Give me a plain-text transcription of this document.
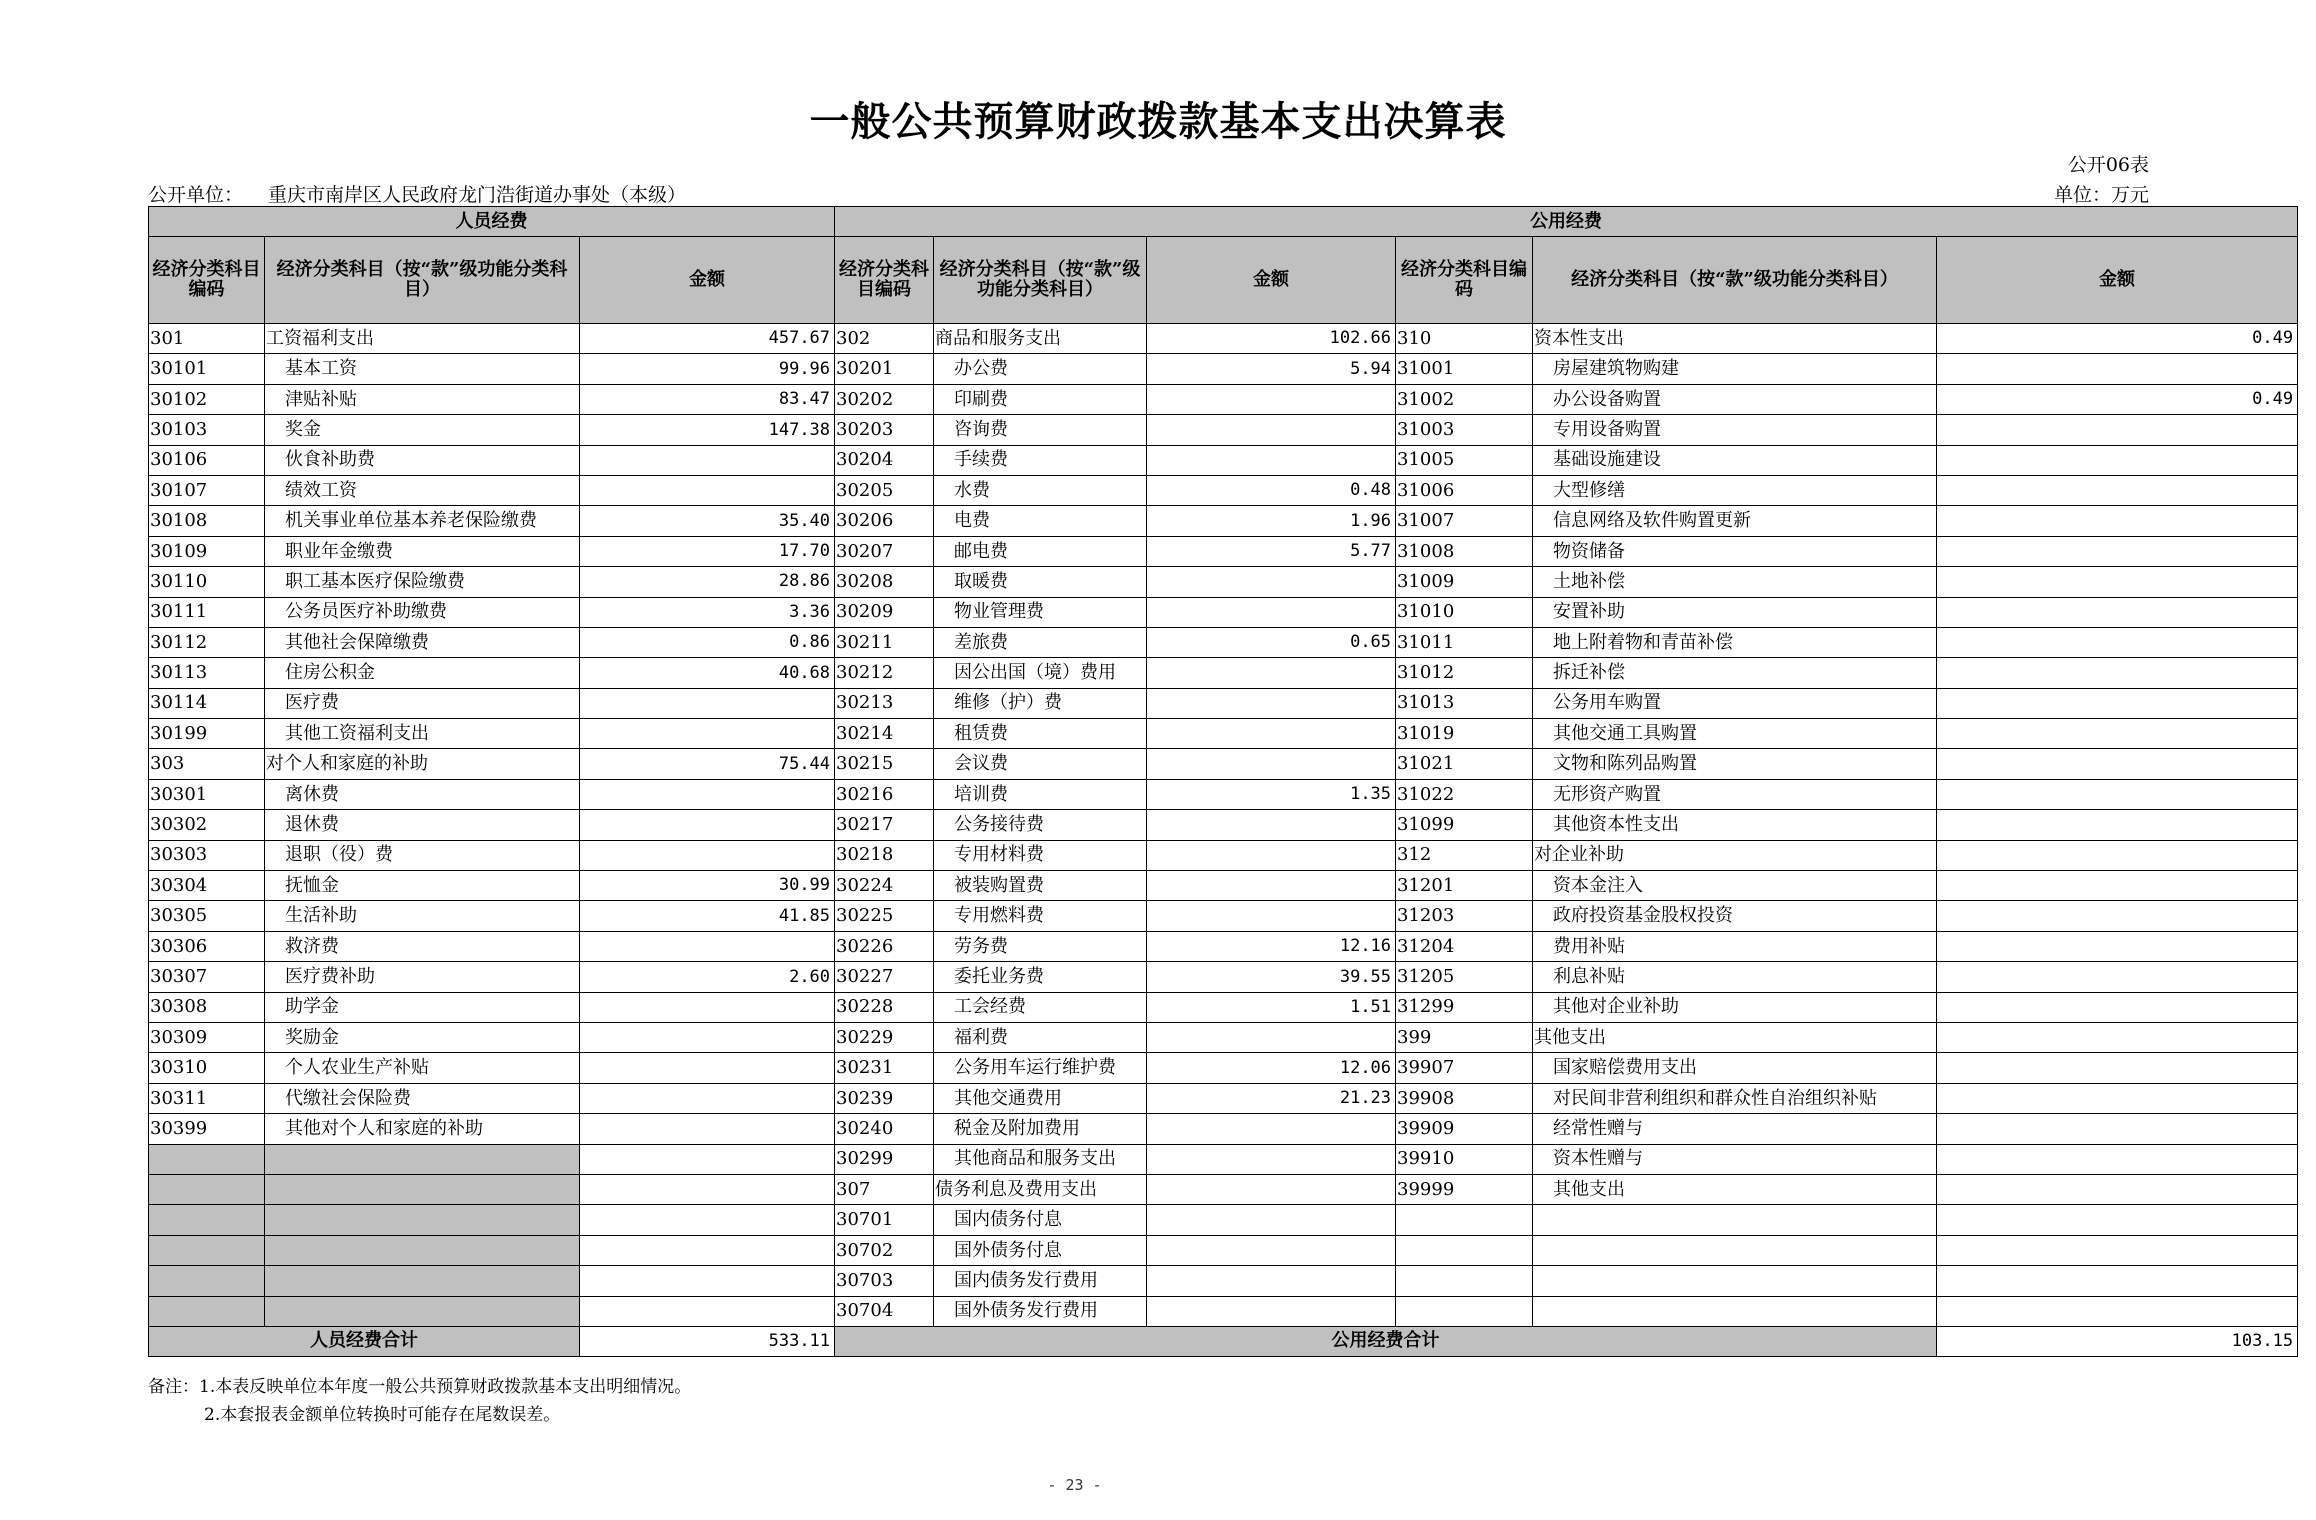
一般公共预算财政拨款基本支出决算表
公开06表
公开单位： 重庆市南岸区人民政府龙门浩街道办事处（本级）	单位：万元
人员经费			公用经费					
经济分类科目编码	经济分类科目（按“款”级功能分类科目）	金额	经济分类科目编码	经济分类科目（按“款”级功能分类科目）	金额	经济分类科目编码	经济分类科目（按“款”级功能分类科目）	金额
301	工资福利支出	457.67	302	商品和服务支出	102.66	310	资本性支出	0.49
30101	基本工资	99.96	30201	办公费	5.94	31001	房屋建筑物购建	
30102	津贴补贴	83.47	30202	印刷费		31002	办公设备购置	0.49
30103	奖金	147.38	30203	咨询费		31003	专用设备购置	
30106	伙食补助费		30204	手续费		31005	基础设施建设	
30107	绩效工资		30205	水费	0.48	31006	大型修缮	
30108	机关事业单位基本养老保险缴费	35.40	30206	电费	1.96	31007	信息网络及软件购置更新	
30109	职业年金缴费	17.70	30207	邮电费	5.77	31008	物资储备	
30110	职工基本医疗保险缴费	28.86	30208	取暖费		31009	土地补偿	
30111	公务员医疗补助缴费	3.36	30209	物业管理费		31010	安置补助	
30112	其他社会保障缴费	0.86	30211	差旅费	0.65	31011	地上附着物和青苗补偿	
30113	住房公积金	40.68	30212	因公出国（境）费用		31012	拆迁补偿	
30114	医疗费		30213	维修（护）费		31013	公务用车购置	
30199	其他工资福利支出		30214	租赁费		31019	其他交通工具购置	
303	对个人和家庭的补助	75.44	30215	会议费		31021	文物和陈列品购置	
30301	离休费		30216	培训费	1.35	31022	无形资产购置	
30302	退休费		30217	公务接待费		31099	其他资本性支出	
30303	退职（役）费		30218	专用材料费		312	对企业补助	
30304	抚恤金	30.99	30224	被装购置费		31201	资本金注入	
30305	生活补助	41.85	30225	专用燃料费		31203	政府投资基金股权投资	
30306	救济费		30226	劳务费	12.16	31204	费用补贴	
30307	医疗费补助	2.60	30227	委托业务费	39.55	31205	利息补贴	
30308	助学金		30228	工会经费	1.51	31299	其他对企业补助	
30309	奖励金		30229	福利费		399	其他支出	
30310	个人农业生产补贴		30231	公务用车运行维护费	12.06	39907	国家赔偿费用支出	
30311	代缴社会保险费		30239	其他交通费用	21.23	39908	对民间非营利组织和群众性自治组织补贴	
30399	其他对个人和家庭的补助		30240	税金及附加费用		39909	经常性赠与	
			30299	其他商品和服务支出		39910	资本性赠与	
			307	债务利息及费用支出		39999	其他支出	
			30701	国内债务付息				
			30702	国外债务付息				
			30703	国内债务发行费用				
			30704	国外债务发行费用				
人员经费合计		533.11	公用经费合计					103.15
备注：1.本表反映单位本年度一般公共预算财政拨款基本支出明细情况。
2.本套报表金额单位转换时可能存在尾数误差。
- 23 -
